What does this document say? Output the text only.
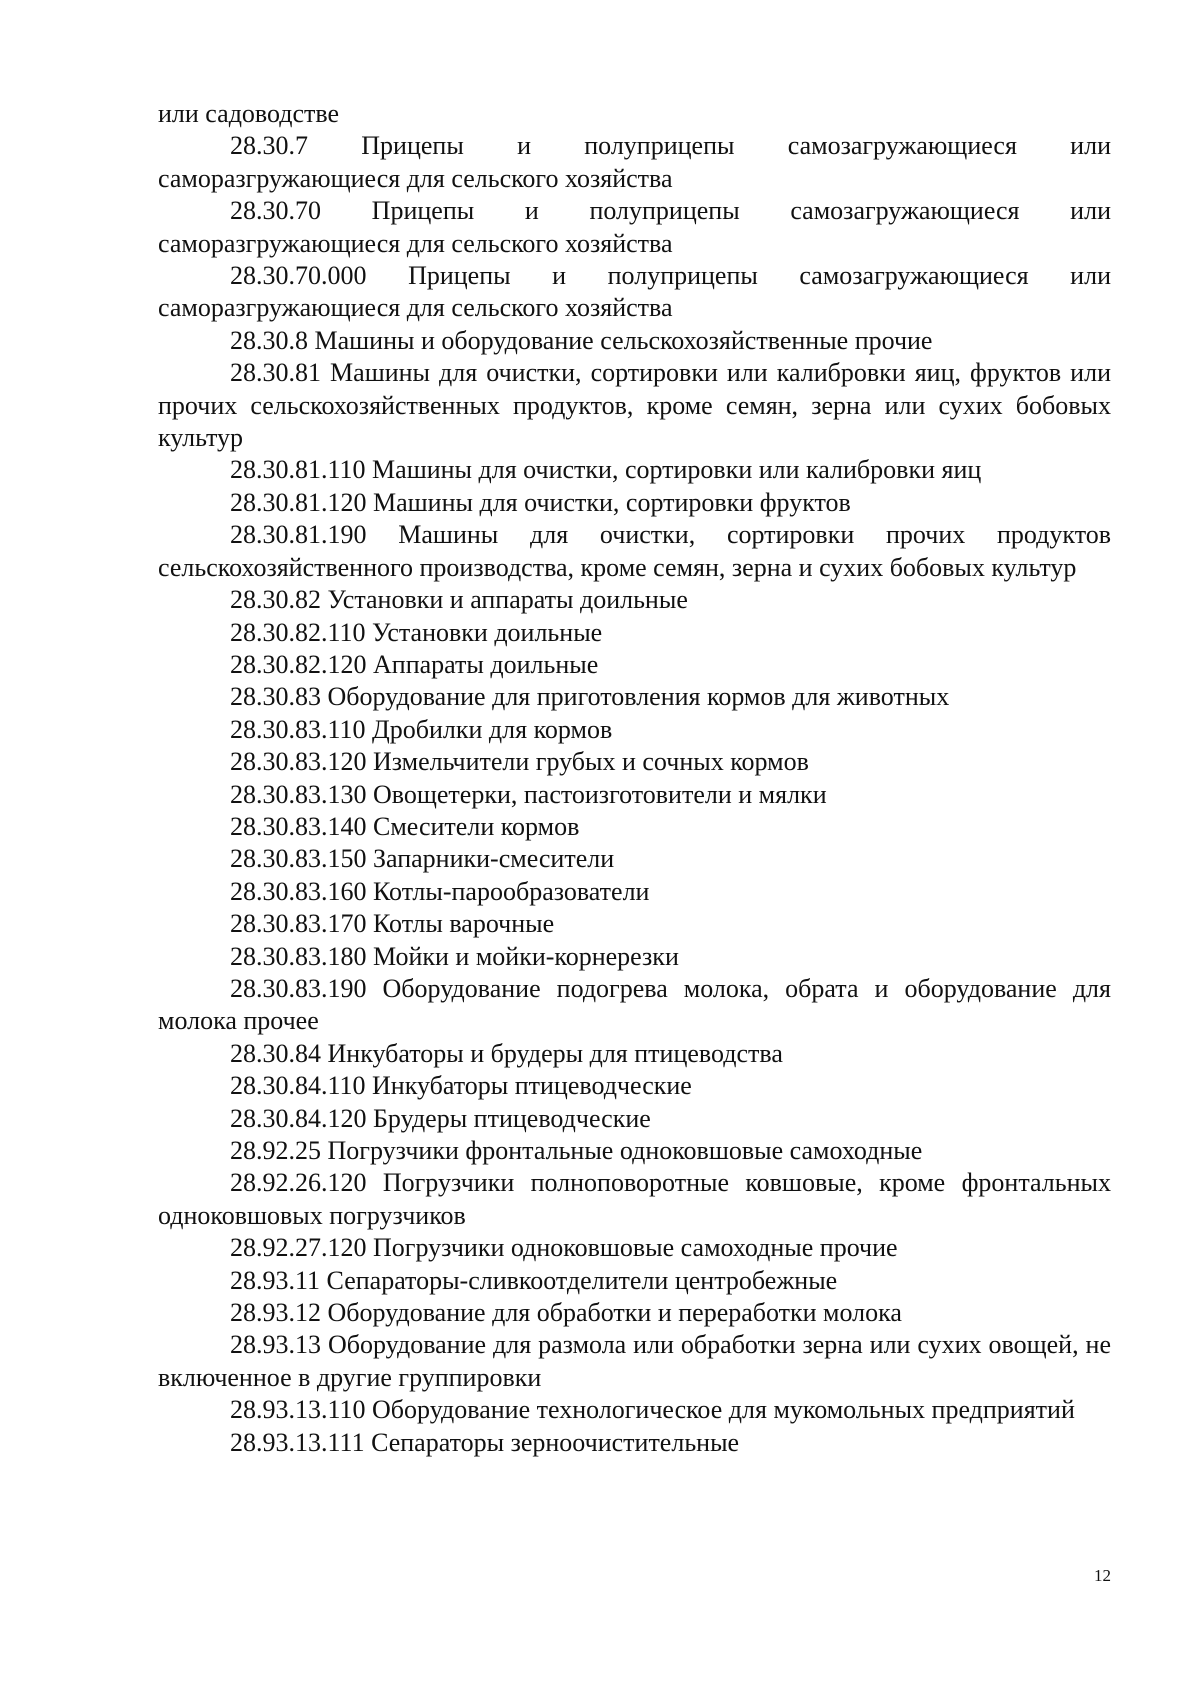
или садоводстве

28.30.7 Прицепы и полуприцепы самозагружающиеся или саморазгружающиеся для сельского хозяйства

28.30.70 Прицепы и полуприцепы самозагружающиеся или саморазгружающиеся для сельского хозяйства

28.30.70.000 Прицепы и полуприцепы самозагружающиеся или саморазгружающиеся для сельского хозяйства

28.30.8 Машины и оборудование сельскохозяйственные прочие

28.30.81 Машины для очистки, сортировки или калибровки яиц, фруктов или прочих сельскохозяйственных продуктов, кроме семян, зерна или сухих бобовых культур

28.30.81.110 Машины для очистки, сортировки или калибровки яиц

28.30.81.120 Машины для очистки, сортировки фруктов

28.30.81.190 Машины для очистки, сортировки прочих продуктов сельскохозяйственного производства, кроме семян, зерна и сухих бобовых культур

28.30.82 Установки и аппараты доильные

28.30.82.110 Установки доильные

28.30.82.120 Аппараты доильные

28.30.83 Оборудование для приготовления кормов для животных

28.30.83.110 Дробилки для кормов

28.30.83.120 Измельчители грубых и сочных кормов

28.30.83.130 Овощетерки, пастоизготовители и мялки

28.30.83.140 Смесители кормов

28.30.83.150 Запарники-смесители

28.30.83.160 Котлы-парообразователи

28.30.83.170 Котлы варочные

28.30.83.180 Мойки и мойки-корнерезки

28.30.83.190 Оборудование подогрева молока, обрата и оборудование для молока прочее

28.30.84 Инкубаторы и брудеры для птицеводства

28.30.84.110 Инкубаторы птицеводческие

28.30.84.120 Брудеры птицеводческие

28.92.25 Погрузчики фронтальные одноковшовые самоходные

28.92.26.120 Погрузчики полноповоротные ковшовые, кроме фронтальных одноковшовых погрузчиков

28.92.27.120 Погрузчики одноковшовые самоходные прочие

28.93.11 Сепараторы-сливкоотделители центробежные

28.93.12 Оборудование для обработки и переработки молока

28.93.13 Оборудование для размола или обработки зерна или сухих овощей, не включенное в другие группировки

28.93.13.110 Оборудование технологическое для мукомольных предприятий

28.93.13.111 Сепараторы зерноочистительные

12
